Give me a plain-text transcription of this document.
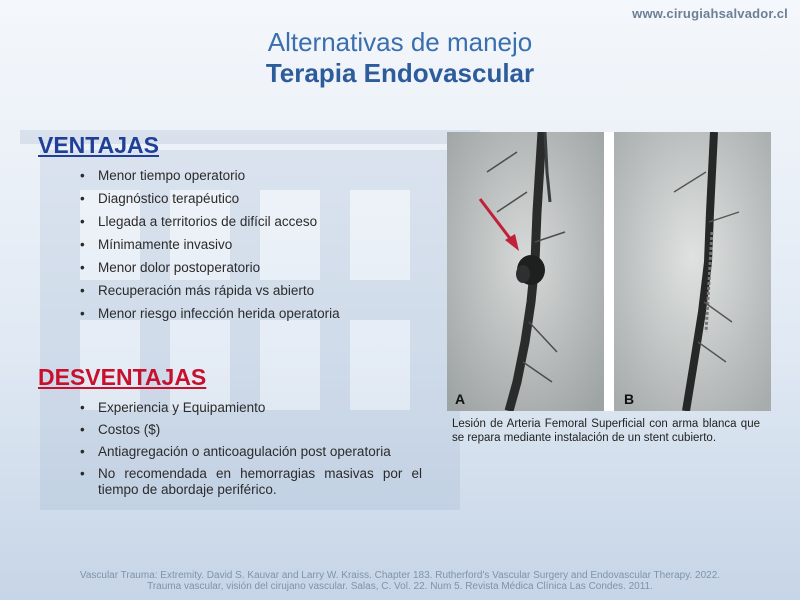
www.cirugiahsalvador.cl
Alternativas de manejo
Terapia Endovascular
VENTAJAS
• Menor tiempo operatorio
• Diagnóstico terapéutico
• Llegada a territorios de difícil acceso
• Mínimamente invasivo
• Menor dolor postoperatorio
• Recuperación más rápida vs abierto
• Menor riesgo infección herida operatoria
DESVENTAJAS
• Experiencia y Equipamiento
• Costos ($)
• Antiagregación o anticoagulación post operatoria
• No recomendada en hemorragias masivas por el tiempo de abordaje periférico.
A	B
Lesión de Arteria Femoral Superficial con arma blanca que se repara mediante instalación de un stent cubierto.
Vascular Trauma: Extremity. David S. Kauvar and Larry W. Kraiss. Chapter 183. Rutherford's Vascular Surgery and Endovascular Therapy. 2022.
Trauma vascular, visión del cirujano vascular. Salas, C. Vol. 22. Num 5. Revista Médica Clínica Las Condes. 2011.
